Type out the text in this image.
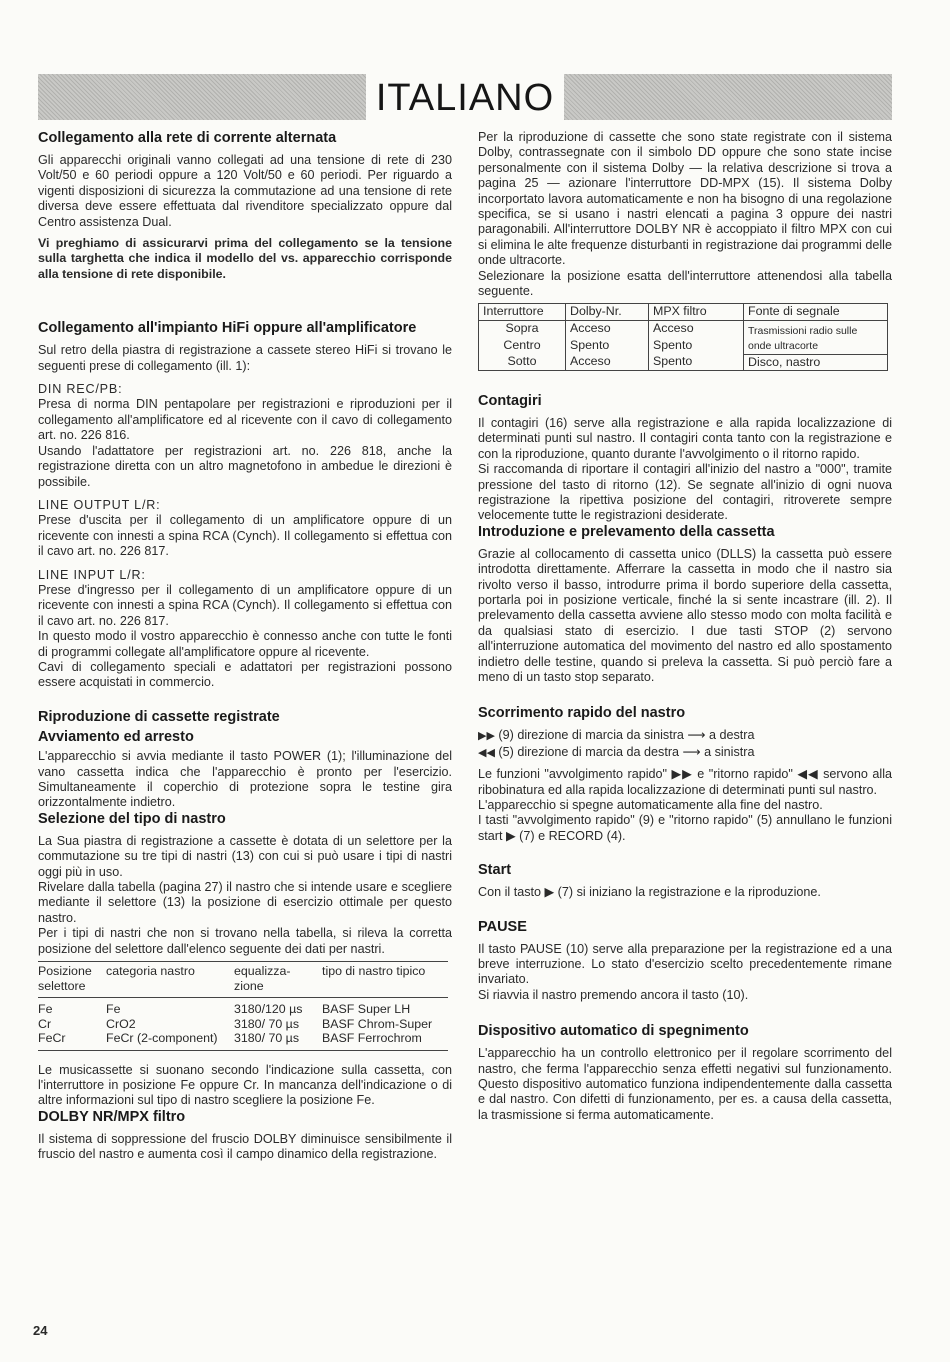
ITALIANO
Collegamento alla rete di corrente alternata

Gli apparecchi originali vanno collegati ad una tensione di rete di 230 Volt/50 e 60 periodi oppure a 120 Volt/50 e 60 periodi. Per riguardo a vigenti disposizioni di sicurezza la commutazione ad una tensione di rete diversa deve essere effettuata dal rivenditore specializzato oppure dal Centro assistenza Dual.

Vi preghiamo di assicurarvi prima del collegamento se la tensione sulla targhetta che indica il modello del vs. apparecchio corrisponde alla tensione di rete disponibile.

Collegamento all'impianto HiFi oppure all'amplificatore

Sul retro della piastra di registrazione a cassete stereo HiFi si trovano le seguenti prese di collegamento (ill. 1):

DIN REC/PB:

Presa di norma DIN pentapolare per registrazioni e riproduzioni per il collegamento all'amplificatore ed al ricevente con il cavo di collegamento art. no. 226 816.

Usando l'adattatore per registrazioni art. no. 226 818, anche la registrazione diretta con un altro magnetofono in ambedue le direzioni è possibile.

LINE OUTPUT L/R:

Prese d'uscita per il collegamento di un amplificatore oppure di un ricevente con innesti a spina RCA (Cynch). Il collegamento si effettua con il cavo art. no. 226 817.

LINE INPUT L/R:

Prese d'ingresso per il collegamento di un amplificatore oppure di un ricevente con innesti a spina RCA (Cynch). Il collegamento si effettua con il cavo art. no. 226 817.

In questo modo il vostro apparecchio è connesso anche con tutte le fonti di programmi collegate all'amplificatore oppure al ricevente.

Cavi di collegamento speciali e adattatori per registrazioni possono essere acquistati in commercio.

Riproduzione di cassette registrate
Avviamento ed arresto

L'apparecchio si avvia mediante il tasto POWER (1); l'illuminazione del vano cassetta indica che l'apparecchio è pronto per l'esercizio. Simultaneamente il coperchio di protezione sopra le testine gira orizzontalmente indietro.

Selezione del tipo di nastro

La Sua piastra di registrazione a cassette è dotata di un selettore per la commutazione su tre tipi di nastri (13) con cui si può usare i tipi di nastri oggi più in uso.

Rivelare dalla tabella (pagina 27) il nastro che si intende usare e scegliere mediante il selettore (13) la posizione di esercizio ottimale per questo nastro.

Per i tipi di nastri che non si trovano nella tabella, si rileva la corretta posizione del selettore dall'elenco seguente dei dati per nastri.

Posizione selettore	categoria nastro	equalizza-zione	tipo di nastro tipico
Fe	Fe	3180/120 µs	BASF Super LH
Cr	CrO2	3180/ 70 µs	BASF Chrom-Super
FeCr	FeCr (2-component)	3180/ 70 µs	BASF Ferrochrom

Le musicassette si suonano secondo l'indicazione sulla cassetta, con l'interruttore in posizione Fe oppure Cr. In mancanza dell'indicazione o di altre informazioni sul tipo di nastro scegliere la posizione Fe.

DOLBY NR/MPX filtro

Il sistema di soppressione del fruscio DOLBY diminuisce sensibilmente il fruscio del nastro e aumenta così il campo dinamico della registrazione.

24

Per la riproduzione di cassette che sono state registrate con il sistema Dolby, contrassegnate con il simbolo DD oppure che sono state incise personalmente con il sistema Dolby — la relativa descrizione si trova a pagina 25 — azionare l'interruttore DD-MPX (15). Il sistema Dolby incorportato lavora automaticamente e non ha bisogno di una regolazione specifica, se si usano i nastri elencati a pagina 3 oppure dei nastri paragonabili. All'interruttore DOLBY NR è accoppiato il filtro MPX con cui si elimina le alte frequenze disturbanti in registrazione dai programmi delle onde ultracorte.

Selezionare la posizione esatta dell'interruttore attenendosi alla tabella seguente.

Interruttore	Dolby-Nr.	MPX filtro	Fonte di segnale
Sopra	Acceso	Acceso	Trasmissioni radio sulle onde ultracorte
Centro	Spento	Spento	
Sotto	Acceso	Spento	Disco, nastro
Contagiri

Il contagiri (16) serve alla registrazione e alla rapida localizzazione di determinati punti sul nastro. Il contagiri conta tanto con la registrazione e con la riproduzione, quanto durante l'avvolgimento o il ritorno rapido.

Si raccomanda di riportare il contagiri all'inizio del nastro a "000", tramite pressione del tasto di ritorno (12). Se segnate all'inizio di ogni nuova registrazione la ripettiva posizione del contagiri, ritroverete sempre velocemente tutte le registrazioni desiderate.

Introduzione e prelevamento della cassetta

Grazie al collocamento di cassetta unico (DLLS) la cassetta può essere introdotta direttamente. Afferrare la cassetta in modo che il nastro sia rivolto verso il basso, introdurre prima il bordo superiore della cassetta, portarla poi in posizione verticale, finché la si sente incastrare (ill. 2). Il prelevamento della cassetta avviene allo stesso modo con molta facilità e da qualsiasi stato di esercizio. I due tasti STOP (2) servono all'interruzione automatica del movimento del nastro ed allo spostamento indietro delle testine, quando si preleva la cassetta. Si può perciò fare a meno di un tasto stop separato.

Scorrimento rapido del nastro

▶▶ (9) direzione di marcia da sinistra ⟶ a destra

◀◀ (5) direzione di marcia da destra ⟶ a sinistra

Le funzioni "avvolgimento rapido" ▶▶ e "ritorno rapido" ◀◀ servono alla ribobinatura ed alla rapida localizzazione di determinati punti sul nastro.

L'apparecchio si spegne automaticamente alla fine del nastro.

I tasti "avvolgimento rapido" (9) e "ritorno rapido" (5) annullano le funzioni start ▶ (7) e RECORD (4).

Start

Con il tasto ▶ (7) si iniziano la registrazione e la riproduzione.

PAUSE

Il tasto PAUSE (10) serve alla preparazione per la registrazione ed a una breve interruzione. Lo stato d'esercizio scelto precedentemente rimane invariato.

Si riavvia il nastro premendo ancora il tasto (10).

Dispositivo automatico di spegnimento

L'apparecchio ha un controllo elettronico per il regolare scorrimento del nastro, che ferma l'apparecchio senza effetti negativi sul funzionamento. Questo dispositivo automatico funziona indipendentemente dalla cassetta e dal nastro. Con difetti di funzionamento, per es. a causa della cassetta, la trasmissione si ferma automaticamente.
